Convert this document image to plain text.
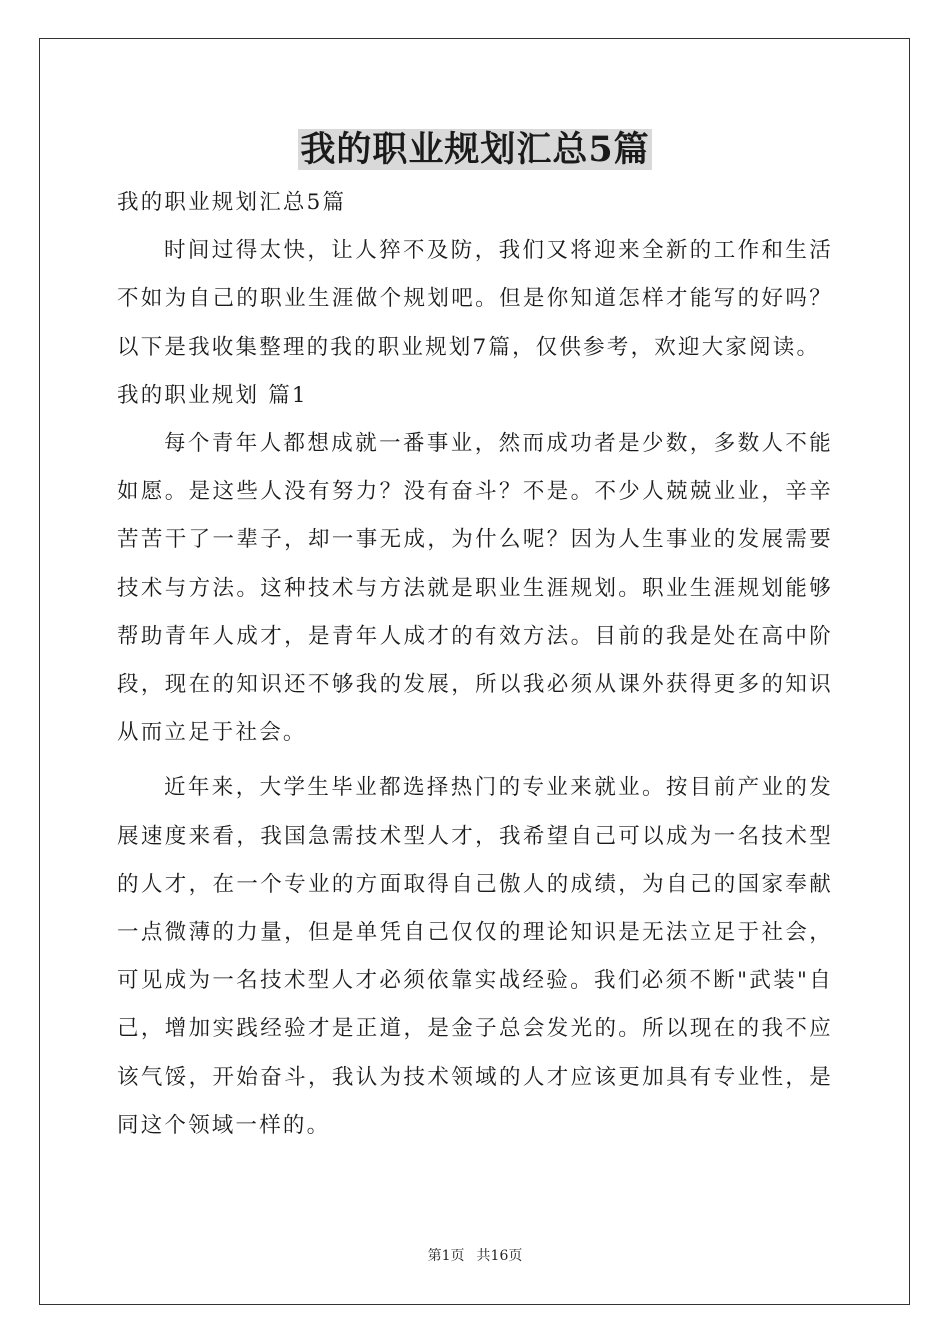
我的职业规划汇总5篇

我的职业规划汇总5篇

时间过得太快，让人猝不及防，我们又将迎来全新的工作和生活不如为自己的职业生涯做个规划吧。但是你知道怎样才能写的好吗？以下是我收集整理的我的职业规划7篇，仅供参考，欢迎大家阅读。

我的职业规划 篇1

每个青年人都想成就一番事业，然而成功者是少数，多数人不能如愿。是这些人没有努力？没有奋斗？不是。不少人兢兢业业，辛辛苦苦干了一辈子，却一事无成，为什么呢？因为人生事业的发展需要技术与方法。这种技术与方法就是职业生涯规划。职业生涯规划能够帮助青年人成才，是青年人成才的有效方法。目前的我是处在高中阶段，现在的知识还不够我的发展，所以我必须从课外获得更多的知识从而立足于社会。

近年来，大学生毕业都选择热门的专业来就业。按目前产业的发展速度来看，我国急需技术型人才，我希望自己可以成为一名技术型的人才，在一个专业的方面取得自己傲人的成绩，为自己的国家奉献一点微薄的力量，但是单凭自己仅仅的理论知识是无法立足于社会，可见成为一名技术型人才必须依靠实战经验。我们必须不断"武装"自己，增加实践经验才是正道，是金子总会发光的。所以现在的我不应该气馁，开始奋斗，我认为技术领域的人才应该更加具有专业性，是同这个领域一样的。

第1页 共16页
